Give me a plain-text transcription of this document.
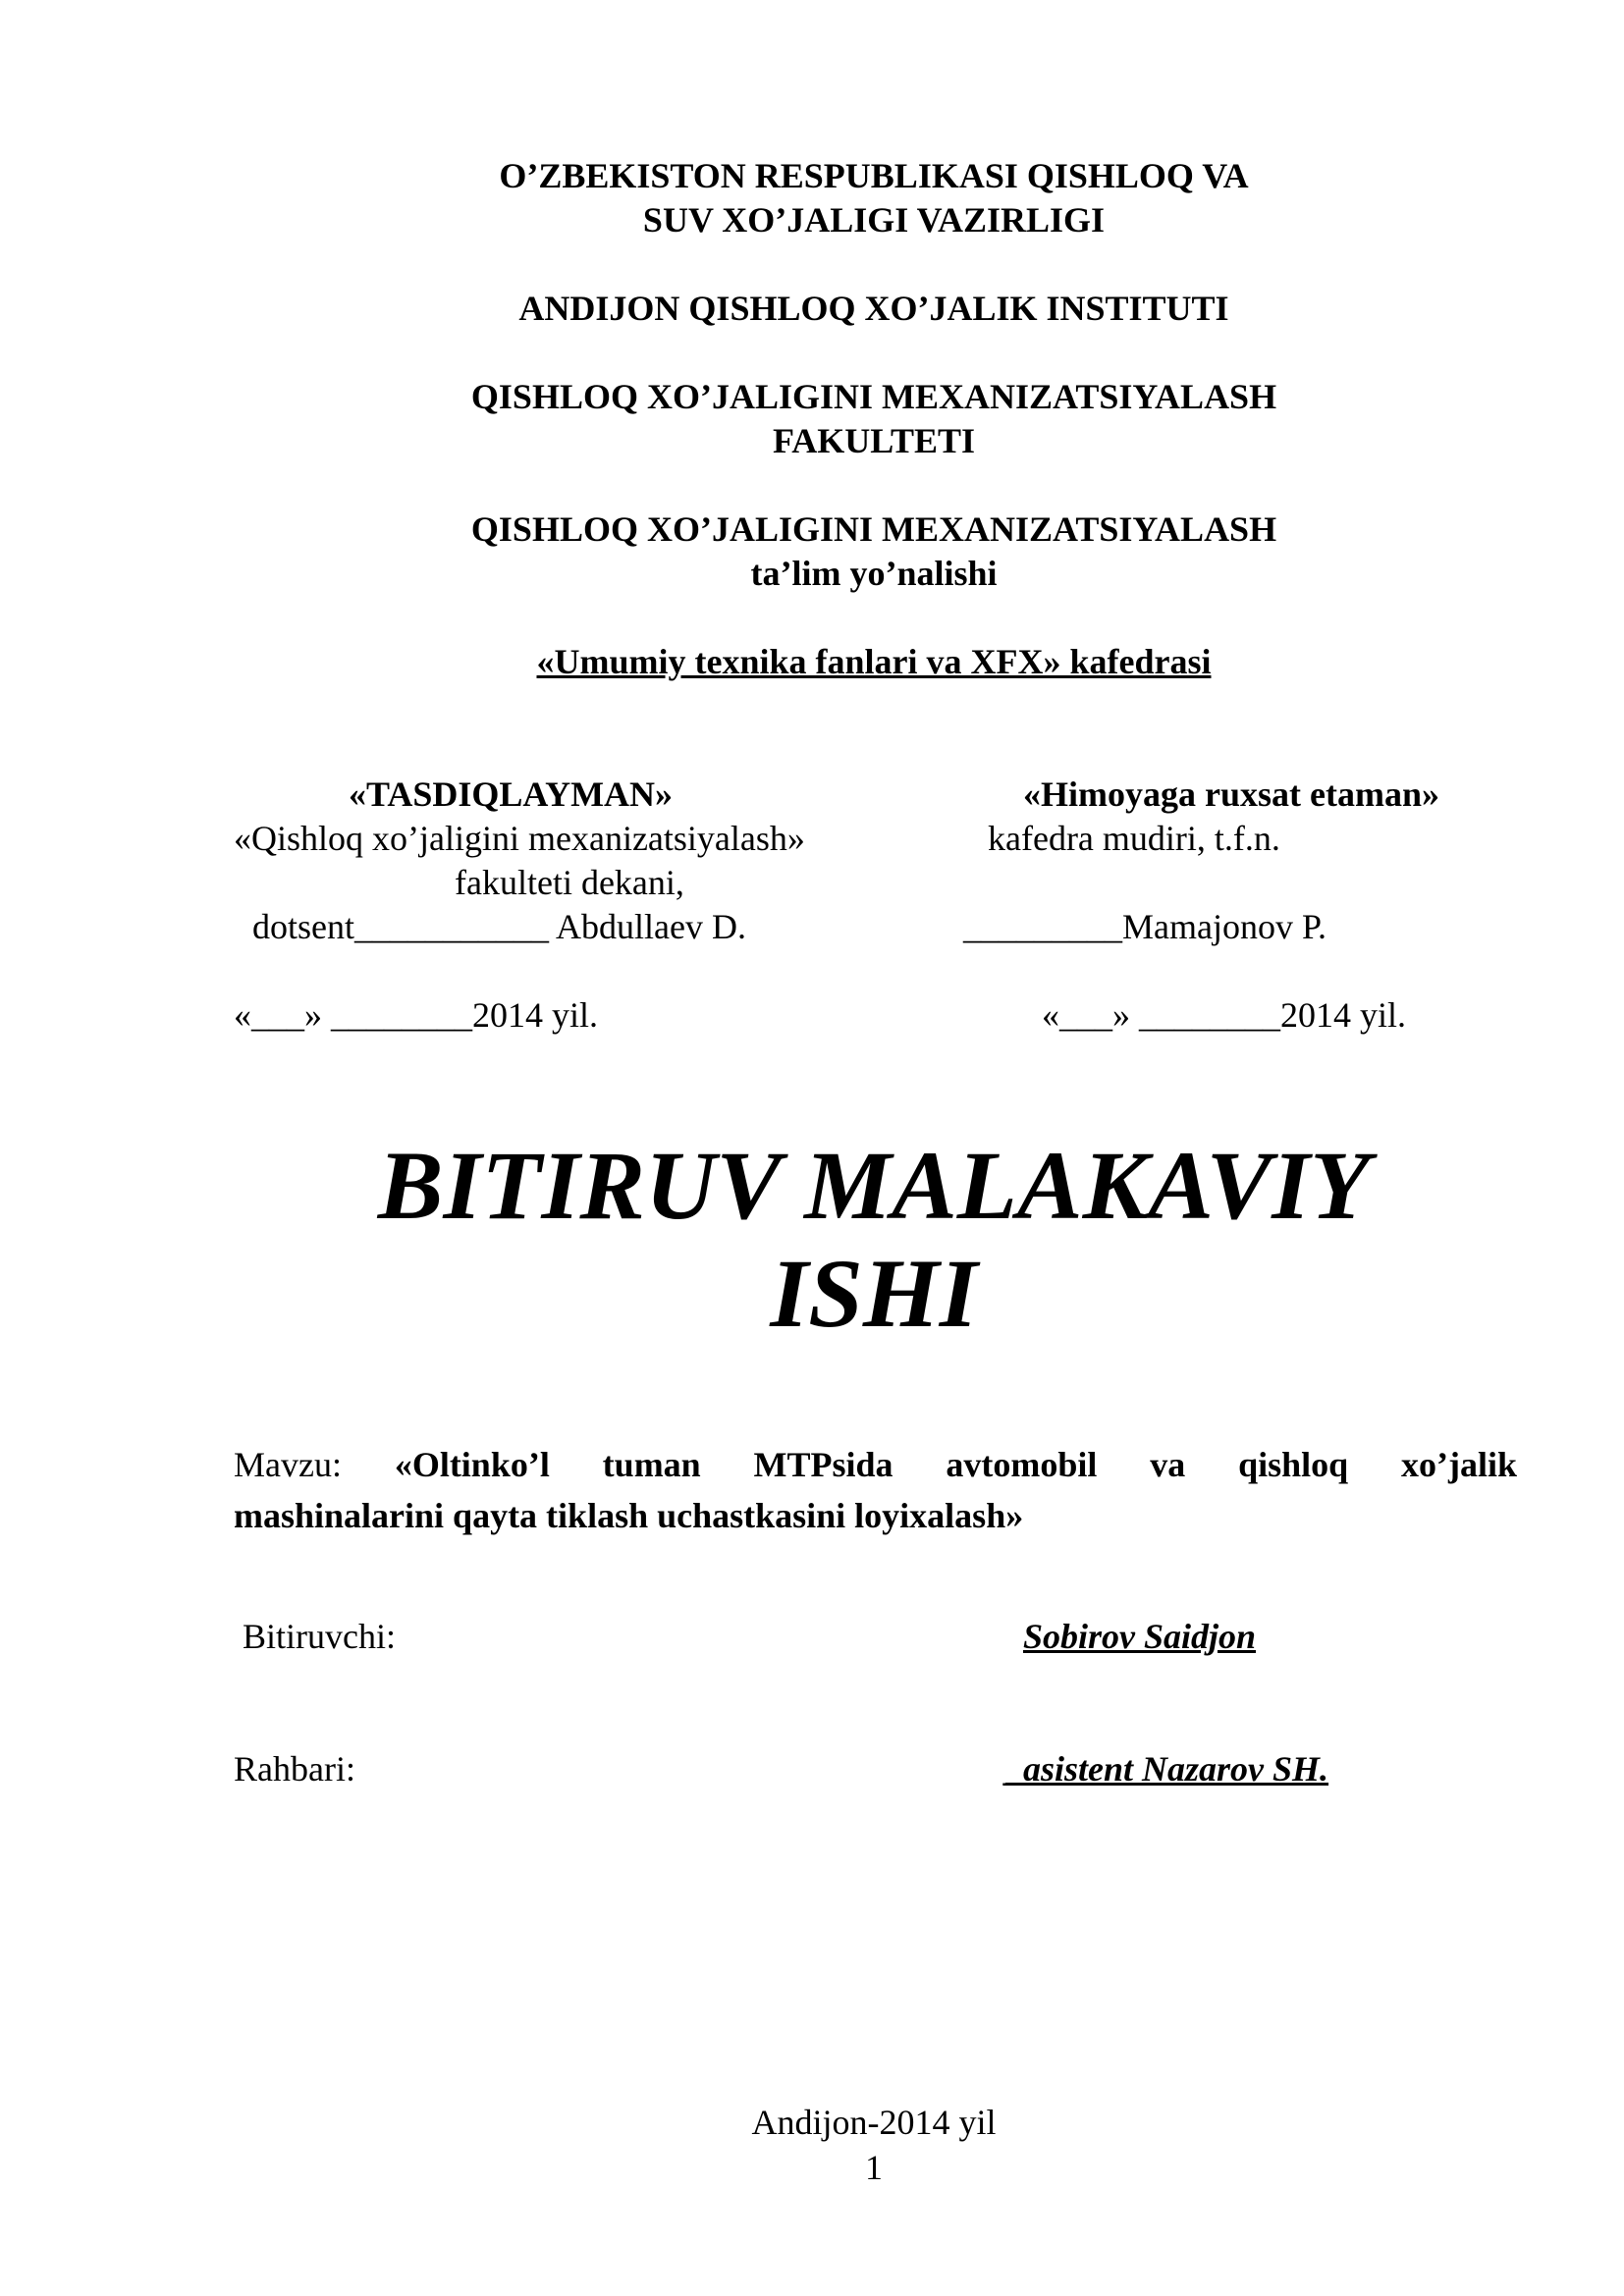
O’ZBEKISTON RESPUBLIKASI QISHLOQ VA
SUV XO’JALIGI VAZIRLIGI
ANDIJON QISHLOQ XO’JALIK INSTITUTI
QISHLOQ XO’JALIGINI MEXANIZATSIYALASH
FAKULTETI
QISHLOQ XO’JALIGINI MEXANIZATSIYALASH
ta’lim yo’nalishi
«Umumiy texnika fanlari va XFX» kafedrasi
«TASDIQLAYMAN»
«Qishloq xo’jaligini mexanizatsiyalash»
fakulteti dekani,
dotsent___________ Abdullaev D.
«___» ________2014 yil.
«Himoyaga ruxsat etaman»
kafedra mudiri, t.f.n.
_________Mamajonov P.
«___» ________2014 yil.
BITIRUV MALAKAVIY
ISHI
Mavzu: «Oltinko’l tuman MTPsida avtomobil va qishloq xo’jalik
mashinalarini qayta tiklash uchastkasini loyixalash»
Bitiruvchi:	Sobirov Saidjon
Rahbari:	_asistent Nazarov SH.
Andijon-2014 yil
1
